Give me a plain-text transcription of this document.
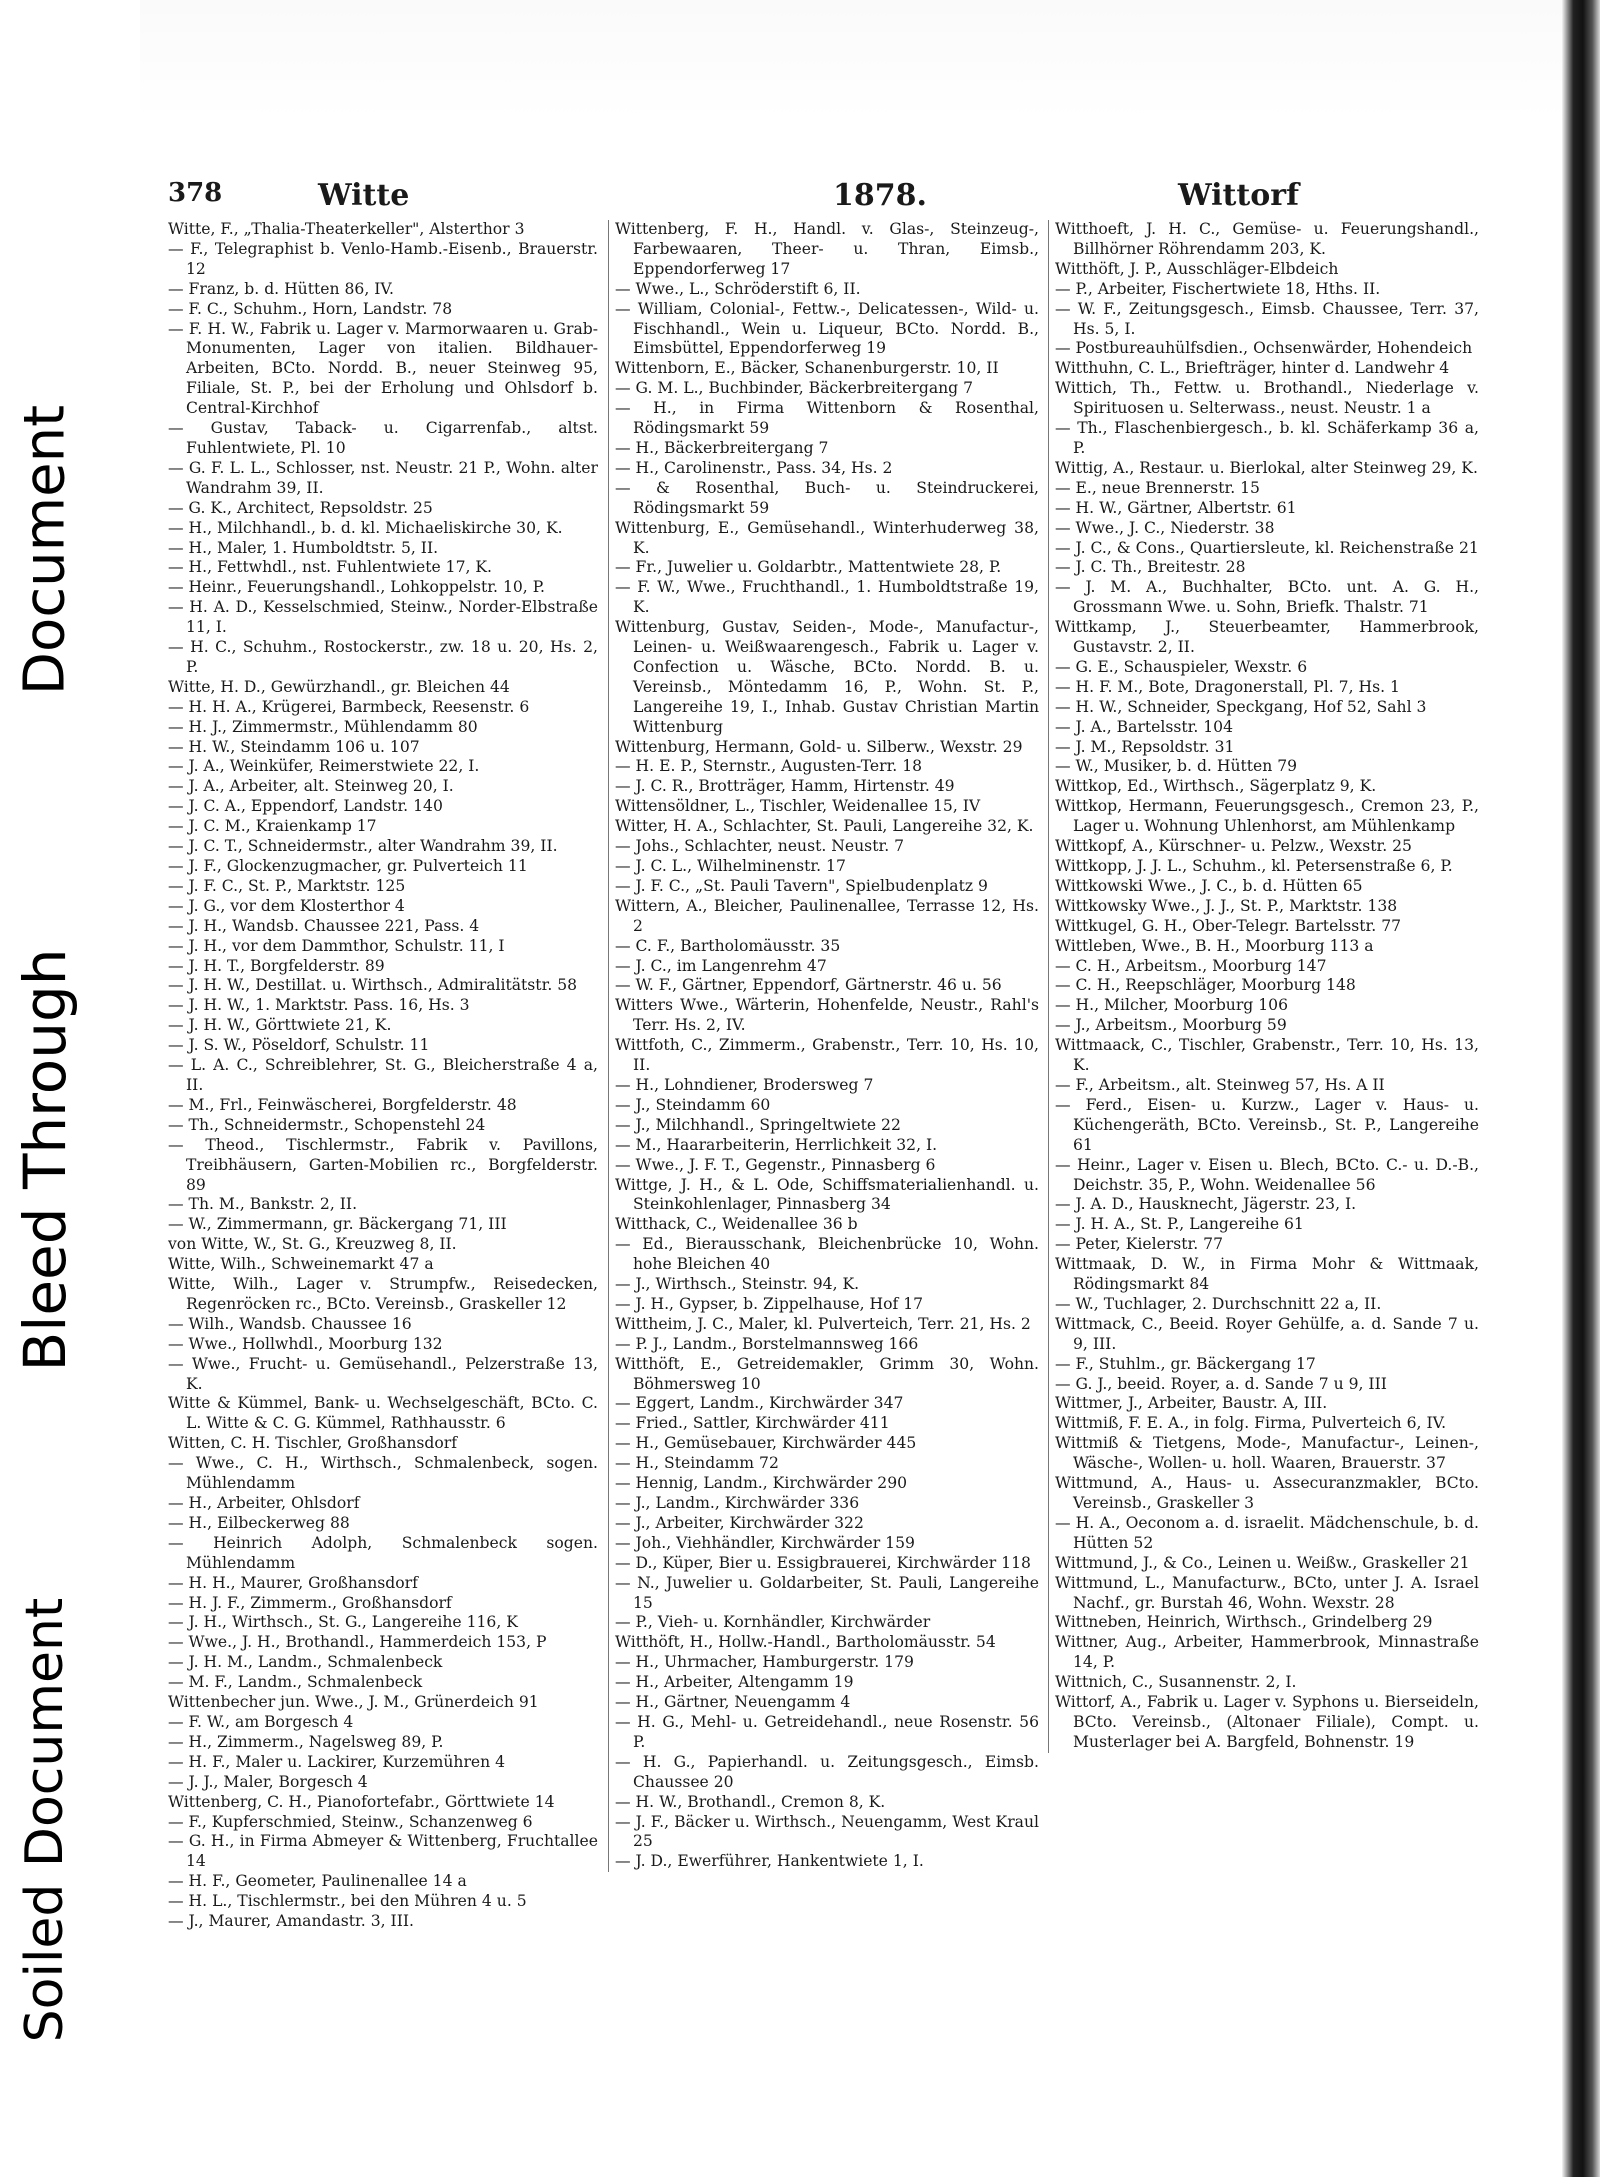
Document
Bleed Through
Soiled Document
378	Witte	1878.	Wittorf

Witte, F., „Thalia-Theaterkeller", Alsterthor 3

— F., Telegraphist b. Venlo-Hamb.-Eisenb., Brauerstr. 12

— Franz, b. d. Hütten 86, IV.

— F. C., Schuhm., Horn, Landstr. 78

— F. H. W., Fabrik u. Lager v. Marmorwaaren u. Grab-Monumenten, Lager von italien. Bildhauer-Arbeiten, BCto. Nordd. B., neuer Steinweg 95, Filiale, St. P., bei der Erholung und Ohlsdorf b. Central-Kirchhof

— Gustav, Taback- u. Cigarrenfab., altst. Fuhlentwiete, Pl. 10

— G. F. L. L., Schlosser, nst. Neustr. 21 P., Wohn. alter Wandrahm 39, II.

— G. K., Architect, Repsoldstr. 25

— H., Milchhandl., b. d. kl. Michaeliskirche 30, K.

— H., Maler, 1. Humboldtstr. 5, II.

— H., Fettwhdl., nst. Fuhlentwiete 17, K.

— Heinr., Feuerungshandl., Lohkoppelstr. 10, P.

— H. A. D., Kesselschmied, Steinw., Norder-Elbstraße 11, I.

— H. C., Schuhm., Rostockerstr., zw. 18 u. 20, Hs. 2, P.

Witte, H. D., Gewürzhandl., gr. Bleichen 44

— H. H. A., Krügerei, Barmbeck, Reesenstr. 6

— H. J., Zimmermstr., Mühlendamm 80

— H. W., Steindamm 106 u. 107

— J. A., Weinküfer, Reimerstwiete 22, I.

— J. A., Arbeiter, alt. Steinweg 20, I.

— J. C. A., Eppendorf, Landstr. 140

— J. C. M., Kraienkamp 17

— J. C. T., Schneidermstr., alter Wandrahm 39, II.

— J. F., Glockenzugmacher, gr. Pulverteich 11

— J. F. C., St. P., Marktstr. 125

— J. G., vor dem Klosterthor 4

— J. H., Wandsb. Chaussee 221, Pass. 4

— J. H., vor dem Dammthor, Schulstr. 11, I

— J. H. T., Borgfelderstr. 89

— J. H. W., Destillat. u. Wirthsch., Admiralitätstr. 58

— J. H. W., 1. Marktstr. Pass. 16, Hs. 3

— J. H. W., Görttwiete 21, K.

— J. S. W., Pöseldorf, Schulstr. 11

— L. A. C., Schreiblehrer, St. G., Bleicherstraße 4 a, II.

— M., Frl., Feinwäscherei, Borgfelderstr. 48

— Th., Schneidermstr., Schopenstehl 24

— Theod., Tischlermstr., Fabrik v. Pavillons, Treibhäusern, Garten-Mobilien rc., Borgfelderstr. 89

— Th. M., Bankstr. 2, II.

— W., Zimmermann, gr. Bäckergang 71, III

von Witte, W., St. G., Kreuzweg 8, II.

Witte, Wilh., Schweinemarkt 47 a

Witte, Wilh., Lager v. Strumpfw., Reisedecken, Regenröcken rc., BCto. Vereinsb., Graskeller 12

— Wilh., Wandsb. Chaussee 16

— Wwe., Hollwhdl., Moorburg 132

— Wwe., Frucht- u. Gemüsehandl., Pelzerstraße 13, K.

Witte & Kümmel, Bank- u. Wechselgeschäft, BCto. C. L. Witte & C. G. Kümmel, Rathhausstr. 6

Witten, C. H. Tischler, Großhansdorf

— Wwe., C. H., Wirthsch., Schmalenbeck, sogen. Mühlendamm

— H., Arbeiter, Ohlsdorf

— H., Eilbeckerweg 88

— Heinrich Adolph, Schmalenbeck sogen. Mühlendamm

— H. H., Maurer, Großhansdorf

— H. J. F., Zimmerm., Großhansdorf

— J. H., Wirthsch., St. G., Langereihe 116, K

— Wwe., J. H., Brothandl., Hammerdeich 153, P

— J. H. M., Landm., Schmalenbeck

— M. F., Landm., Schmalenbeck

Wittenbecher jun. Wwe., J. M., Grünerdeich 91

— F. W., am Borgesch 4

— H., Zimmerm., Nagelsweg 89, P.

— H. F., Maler u. Lackirer, Kurzemühren 4

— J. J., Maler, Borgesch 4

Wittenberg, C. H., Pianofortefabr., Görttwiete 14

— F., Kupferschmied, Steinw., Schanzenweg 6

— G. H., in Firma Abmeyer & Wittenberg, Fruchtallee 14

— H. F., Geometer, Paulinenallee 14 a

— H. L., Tischlermstr., bei den Mühren 4 u. 5

— J., Maurer, Amandastr. 3, III.

Wittenberg, F. H., Handl. v. Glas-, Steinzeug-, Farbewaaren, Theer- u. Thran, Eimsb., Eppendorferweg 17

— Wwe., L., Schröderstift 6, II.

— William, Colonial-, Fettw.-, Delicatessen-, Wild- u. Fischhandl., Wein u. Liqueur, BCto. Nordd. B., Eimsbüttel, Eppendorferweg 19

Wittenborn, E., Bäcker, Schanenburgerstr. 10, II

— G. M. L., Buchbinder, Bäckerbreitergang 7

— H., in Firma Wittenborn & Rosenthal, Rödingsmarkt 59

— H., Bäckerbreitergang 7

— H., Carolinenstr., Pass. 34, Hs. 2

— & Rosenthal, Buch- u. Steindruckerei, Rödingsmarkt 59

Wittenburg, E., Gemüsehandl., Winterhuderweg 38, K.

— Fr., Juwelier u. Goldarbtr., Mattentwiete 28, P.

— F. W., Wwe., Fruchthandl., 1. Humboldtstraße 19, K.

Wittenburg, Gustav, Seiden-, Mode-, Manufactur-, Leinen- u. Weißwaarengesch., Fabrik u. Lager v. Confection u. Wäsche, BCto. Nordd. B. u. Vereinsb., Möntedamm 16, P., Wohn. St. P., Langereihe 19, I., Inhab. Gustav Christian Martin Wittenburg

Wittenburg, Hermann, Gold- u. Silberw., Wexstr. 29

— H. E. P., Sternstr., Augusten-Terr. 18

— J. C. R., Brotträger, Hamm, Hirtenstr. 49

Wittensöldner, L., Tischler, Weidenallee 15, IV

Witter, H. A., Schlachter, St. Pauli, Langereihe 32, K.

— Johs., Schlachter, neust. Neustr. 7

— J. C. L., Wilhelminenstr. 17

— J. F. C., „St. Pauli Tavern", Spielbudenplatz 9

Wittern, A., Bleicher, Paulinenallee, Terrasse 12, Hs. 2

— C. F., Bartholomäusstr. 35

— J. C., im Langenrehm 47

— W. F., Gärtner, Eppendorf, Gärtnerstr. 46 u. 56

Witters Wwe., Wärterin, Hohenfelde, Neustr., Rahl's Terr. Hs. 2, IV.

Wittfoth, C., Zimmerm., Grabenstr., Terr. 10, Hs. 10, II.

— H., Lohndiener, Brodersweg 7

— J., Steindamm 60

— J., Milchhandl., Springeltwiete 22

— M., Haararbeiterin, Herrlichkeit 32, I.

— Wwe., J. F. T., Gegenstr., Pinnasberg 6

Wittge, J. H., & L. Ode, Schiffsmaterialienhandl. u. Steinkohlenlager, Pinnasberg 34

Witthack, C., Weidenallee 36 b

— Ed., Bierausschank, Bleichenbrücke 10, Wohn. hohe Bleichen 40

— J., Wirthsch., Steinstr. 94, K.

— J. H., Gypser, b. Zippelhause, Hof 17

Wittheim, J. C., Maler, kl. Pulverteich, Terr. 21, Hs. 2

— P. J., Landm., Borstelmannsweg 166

Witthöft, E., Getreidemakler, Grimm 30, Wohn. Böhmersweg 10

— Eggert, Landm., Kirchwärder 347

— Fried., Sattler, Kirchwärder 411

— H., Gemüsebauer, Kirchwärder 445

— H., Steindamm 72

— Hennig, Landm., Kirchwärder 290

— J., Landm., Kirchwärder 336

— J., Arbeiter, Kirchwärder 322

— Joh., Viehhändler, Kirchwärder 159

— D., Küper, Bier u. Essigbrauerei, Kirchwärder 118

— N., Juwelier u. Goldarbeiter, St. Pauli, Langereihe 15

— P., Vieh- u. Kornhändler, Kirchwärder

Witthöft, H., Hollw.-Handl., Bartholomäusstr. 54

— H., Uhrmacher, Hamburgerstr. 179

— H., Arbeiter, Altengamm 19

— H., Gärtner, Neuengamm 4

— H. G., Mehl- u. Getreidehandl., neue Rosenstr. 56 P.

— H. G., Papierhandl. u. Zeitungsgesch., Eimsb. Chaussee 20

— H. W., Brothandl., Cremon 8, K.

— J. F., Bäcker u. Wirthsch., Neuengamm, West Kraul 25

— J. D., Ewerführer, Hankentwiete 1, I.

Witthoeft, J. H. C., Gemüse- u. Feuerungshandl., Billhörner Röhrendamm 203, K.

Witthöft, J. P., Ausschläger-Elbdeich

— P., Arbeiter, Fischertwiete 18, Hths. II.

— W. F., Zeitungsgesch., Eimsb. Chaussee, Terr. 37, Hs. 5, I.

— Postbureauhülfsdien., Ochsenwärder, Hohendeich

Witthuhn, C. L., Briefträger, hinter d. Landwehr 4

Wittich, Th., Fettw. u. Brothandl., Niederlage v. Spirituosen u. Selterwass., neust. Neustr. 1 a

— Th., Flaschenbiergesch., b. kl. Schäferkamp 36 a, P.

Wittig, A., Restaur. u. Bierlokal, alter Steinweg 29, K.

— E., neue Brennerstr. 15

— H. W., Gärtner, Albertstr. 61

— Wwe., J. C., Niederstr. 38

— J. C., & Cons., Quartiersleute, kl. Reichenstraße 21

— J. C. Th., Breitestr. 28

— J. M. A., Buchhalter, BCto. unt. A. G. H., Grossmann Wwe. u. Sohn, Briefk. Thalstr. 71

Wittkamp, J., Steuerbeamter, Hammerbrook, Gustavstr. 2, II.

— G. E., Schauspieler, Wexstr. 6

— H. F. M., Bote, Dragonerstall, Pl. 7, Hs. 1

— H. W., Schneider, Speckgang, Hof 52, Sahl 3

— J. A., Bartelsstr. 104

— J. M., Repsoldstr. 31

— W., Musiker, b. d. Hütten 79

Wittkop, Ed., Wirthsch., Sägerplatz 9, K.

Wittkop, Hermann, Feuerungsgesch., Cremon 23, P., Lager u. Wohnung Uhlenhorst, am Mühlenkamp

Wittkopf, A., Kürschner- u. Pelzw., Wexstr. 25

Wittkopp, J. J. L., Schuhm., kl. Petersenstraße 6, P.

Wittkowski Wwe., J. C., b. d. Hütten 65

Wittkowsky Wwe., J. J., St. P., Marktstr. 138

Wittkugel, G. H., Ober-Telegr. Bartelsstr. 77

Wittleben, Wwe., B. H., Moorburg 113 a

— C. H., Arbeitsm., Moorburg 147

— C. H., Reepschläger, Moorburg 148

— H., Milcher, Moorburg 106

— J., Arbeitsm., Moorburg 59

Wittmaack, C., Tischler, Grabenstr., Terr. 10, Hs. 13, K.

— F., Arbeitsm., alt. Steinweg 57, Hs. A II

— Ferd., Eisen- u. Kurzw., Lager v. Haus- u. Küchengeräth, BCto. Vereinsb., St. P., Langereihe 61

— Heinr., Lager v. Eisen u. Blech, BCto. C.- u. D.-B., Deichstr. 35, P., Wohn. Weidenallee 56

— J. A. D., Hausknecht, Jägerstr. 23, I.

— J. H. A., St. P., Langereihe 61

— Peter, Kielerstr. 77

Wittmaak, D. W., in Firma Mohr & Wittmaak, Rödingsmarkt 84

— W., Tuchlager, 2. Durchschnitt 22 a, II.

Wittmack, C., Beeid. Royer Gehülfe, a. d. Sande 7 u. 9, III.

— F., Stuhlm., gr. Bäckergang 17

— G. J., beeid. Royer, a. d. Sande 7 u 9, III

Wittmer, J., Arbeiter, Baustr. A, III.

Wittmiß, F. E. A., in folg. Firma, Pulverteich 6, IV.

Wittmiß & Tietgens, Mode-, Manufactur-, Leinen-, Wäsche-, Wollen- u. holl. Waaren, Brauerstr. 37

Wittmund, A., Haus- u. Assecuranzmakler, BCto. Vereinsb., Graskeller 3

— H. A., Oeconom a. d. israelit. Mädchenschule, b. d. Hütten 52

Wittmund, J., & Co., Leinen u. Weißw., Graskeller 21

Wittmund, L., Manufacturw., BCto, unter J. A. Israel Nachf., gr. Burstah 46, Wohn. Wexstr. 28

Wittneben, Heinrich, Wirthsch., Grindelberg 29

Wittner, Aug., Arbeiter, Hammerbrook, Minnastraße 14, P.

Wittnich, C., Susannenstr. 2, I.

Wittorf, A., Fabrik u. Lager v. Syphons u. Bierseideln, BCto. Vereinsb., (Altonaer Filiale), Compt. u. Musterlager bei A. Bargfeld, Bohnenstr. 19
